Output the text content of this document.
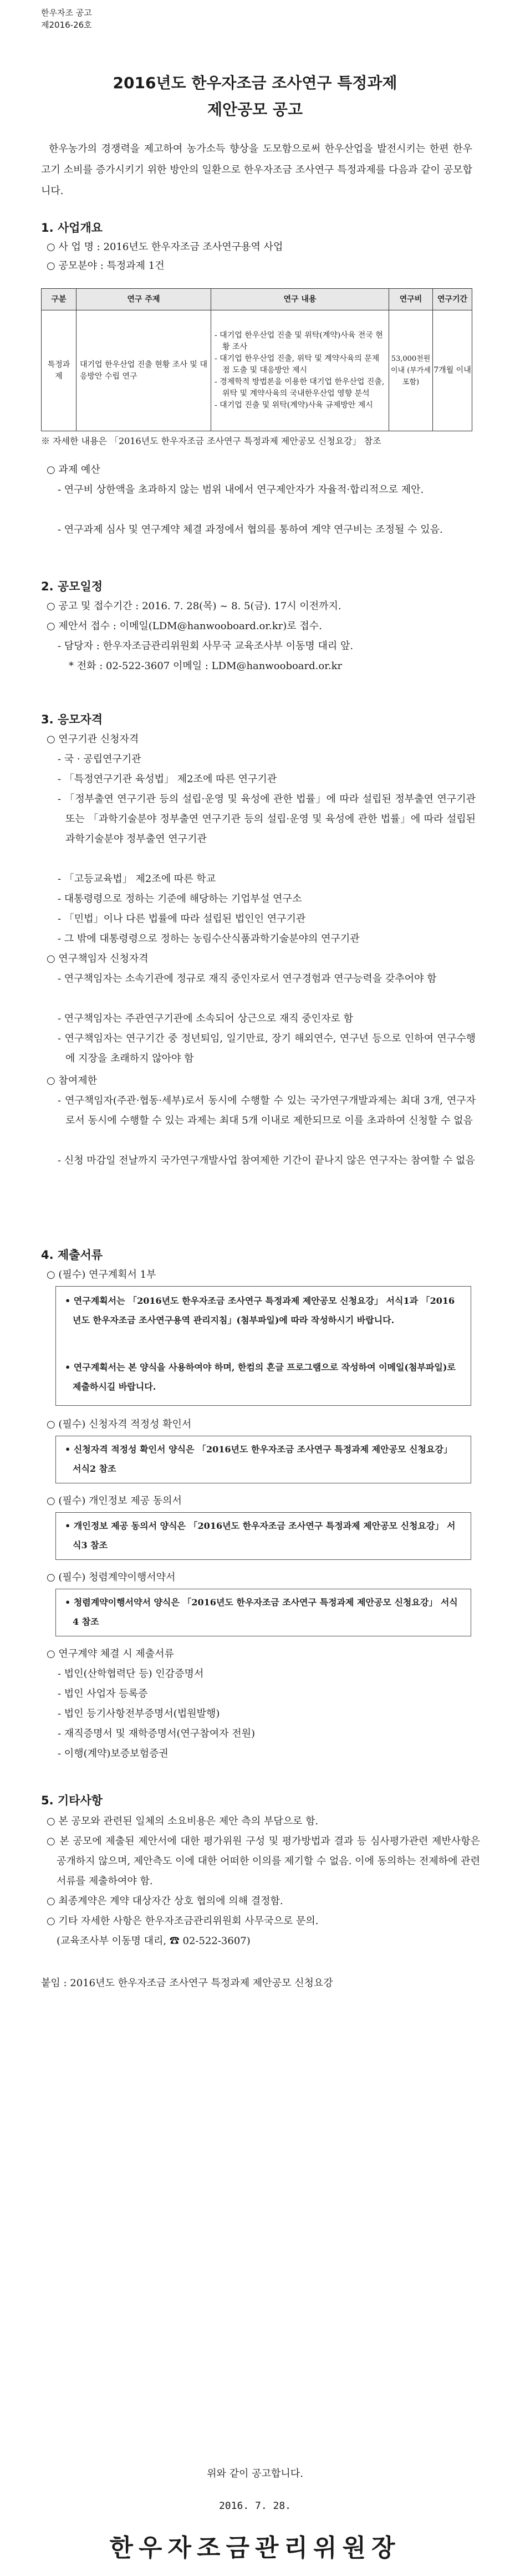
한우자조 공고
제2016-26호
2016년도 한우자조금 조사연구 특정과제
제안공모 공고
한우농가의 경쟁력을 제고하여 농가소득 향상을 도모함으로써 한우산업을 발전시키는 한편 한우고기 소비를 증가시키기 위한 방안의 일환으로 한우자조금 조사연구 특정과제를 다음과 같이 공모합니다.
1. 사업개요
○ 사 업 명 : 2016년도 한우자조금 조사연구용역 사업
○ 공모분야 : 특정과제 1건
구분	연구 주제	연구 내용	연구비	연구기간
특정과제	대기업 한우산업 진출 현황 조사 및 대응방안 수립 연구	- 대기업 한우산업 진출 및 위탁(계약)사육 전국 현황 조사
- 대기업 한우산업 진출, 위탁 및 계약사육의 문제점 도출 및 대응방안 제시
- 경제학적 방법론을 이용한 대기업 한우산업 진출, 위탁 및 계약사육의 국내한우산업 영향 분석
- 대기업 진출 및 위탁(계약)사육 규제방안 제시	53,000천원이내 (부가세포함)	7개월 이내
※ 자세한 내용은 「2016년도 한우자조금 조사연구 특정과제 제안공모 신청요강」 참조
○ 과제 예산
- 연구비 상한액을 초과하지 않는 범위 내에서 연구제안자가 자율적·합리적으로 제안.
- 연구과제 심사 및 연구계약 체결 과정에서 협의를 통하여 계약 연구비는 조정될 수 있음.
2. 공모일정
○ 공고 및 접수기간 : 2016. 7. 28(목) ~ 8. 5(금). 17시 이전까지.
○ 제안서 접수 : 이메일(LDM@hanwooboard.or.kr)로 접수.
- 담당자 : 한우자조금관리위원회 사무국 교육조사부 이동명 대리 앞.
* 전화 : 02-522-3607 이메일 : LDM@hanwooboard.or.kr
3. 응모자격
○ 연구기관 신청자격
- 국 · 공립연구기관
- 「특정연구기관 육성법」 제2조에 따른 연구기관
- 「정부출연 연구기관 등의 설립·운영 및 육성에 관한 법률」에 따라 설립된 정부출연 연구기관 또는 「과학기술분야 정부출연 연구기관 등의 설립·운영 및 육성에 관한 법률」에 따라 설립된 과학기술분야 정부출연 연구기관
- 「고등교육법」 제2조에 따른 학교
- 대통령령으로 정하는 기준에 해당하는 기업부설 연구소
- 「민법」이나 다른 법률에 따라 설립된 법인인 연구기관
- 그 밖에 대통령령으로 정하는 농림수산식품과학기술분야의 연구기관
○ 연구책임자 신청자격
- 연구책임자는 소속기관에 정규로 재직 중인자로서 연구경험과 연구능력을 갖추어야 함
- 연구책임자는 주관연구기관에 소속되어 상근으로 재직 중인자로 함
- 연구책임자는 연구기간 중 정년퇴임, 일기만료, 장기 해외연수, 연구년 등으로 인하여 연구수행에 지장을 초래하지 않아야 함
○ 참여제한
- 연구책임자(주관·협동·세부)로서 동시에 수행할 수 있는 국가연구개발과제는 최대 3개, 연구자로서 동시에 수행할 수 있는 과제는 최대 5개 이내로 제한되므로 이를 초과하여 신청할 수 없음
- 신청 마감일 전날까지 국가연구개발사업 참여제한 기간이 끝나지 않은 연구자는 참여할 수 없음
4. 제출서류
○ (필수) 연구계획서 1부
• 연구계획서는 「2016년도 한우자조금 조사연구 특정과제 제안공모 신청요강」 서식1과 「2016년도 한우자조금 조사연구용역 관리지침」(첨부파일)에 따라 작성하시기 바랍니다.
• 연구계획서는 본 양식을 사용하여야 하며, 한컴의 흔글 프로그램으로 작성하여 이메일(첨부파일)로 제출하시길 바랍니다.
○ (필수) 신청자격 적정성 확인서
• 신청자격 적정성 확인서 양식은 「2016년도 한우자조금 조사연구 특정과제 제안공모 신청요강」 서식2 참조
○ (필수) 개인정보 제공 동의서
• 개인정보 제공 동의서 양식은 「2016년도 한우자조금 조사연구 특정과제 제안공모 신청요강」 서식3 참조
○ (필수) 청렴계약이행서약서
• 청렴계약이행서약서 양식은 「2016년도 한우자조금 조사연구 특정과제 제안공모 신청요강」 서식4 참조
○ 연구계약 체결 시 제출서류
- 법인(산학협력단 등) 인감증명서
- 법인 사업자 등록증
- 법인 등기사항전부증명서(법원발행)
- 재직증명서 및 재학증명서(연구참여자 전원)
- 이행(계약)보증보험증권
5. 기타사항
○ 본 공모와 관련된 일체의 소요비용은 제안 측의 부담으로 함.
○ 본 공모에 제출된 제안서에 대한 평가위원 구성 및 평가방법과 결과 등 심사평가관련 제반사항은 공개하지 않으며, 제안측도 이에 대한 어떠한 이의를 제기할 수 없음. 이에 동의하는 전제하에 관련서류를 제출하여야 함.
○ 최종계약은 계약 대상자간 상호 협의에 의해 결정함.
○ 기타 자세한 사항은 한우자조금관리위원회 사무국으로 문의.
(교육조사부 이동명 대리, ☎ 02-522-3607)
붙임 : 2016년도 한우자조금 조사연구 특정과제 제안공모 신청요강
위와 같이 공고합니다.
2016. 7. 28.
한우자조금관리위원장
